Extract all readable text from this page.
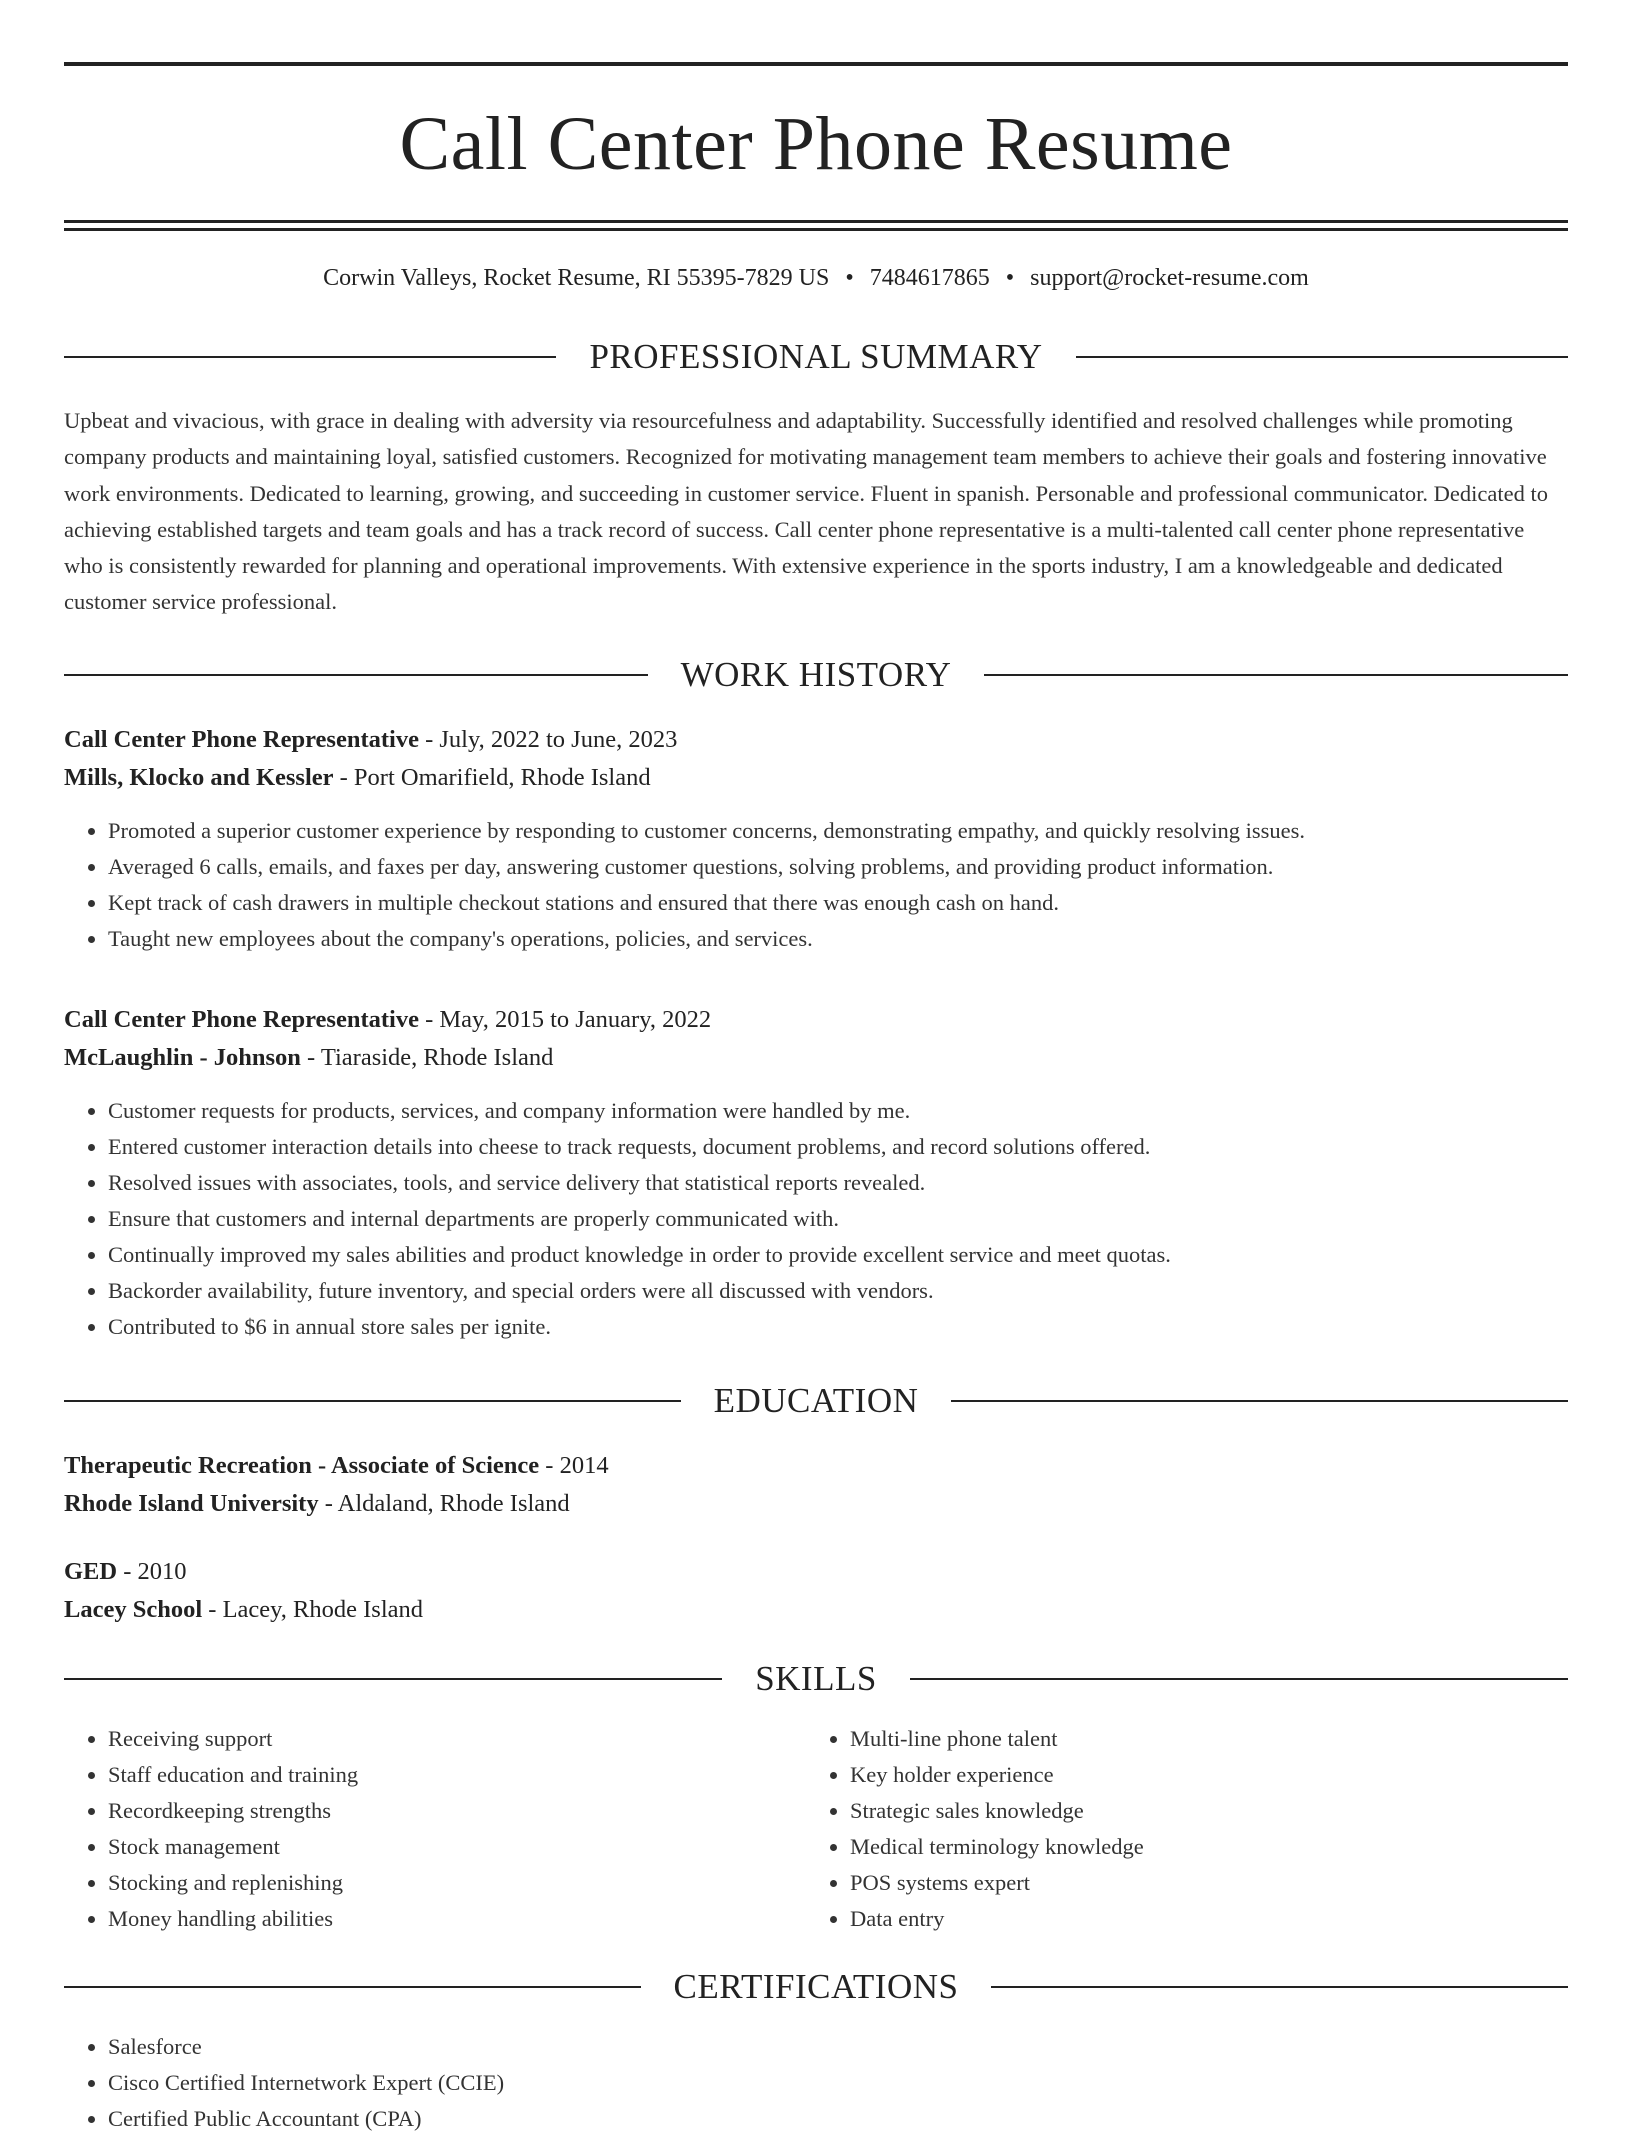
Call Center Phone Resume
Corwin Valleys, Rocket Resume, RI 55395-7829 US • 7484617865 • support@rocket-resume.com
PROFESSIONAL SUMMARY
Upbeat and vivacious, with grace in dealing with adversity via resourcefulness and adaptability. Successfully identified and resolved challenges while promoting company products and maintaining loyal, satisfied customers. Recognized for motivating management team members to achieve their goals and fostering innovative work environments. Dedicated to learning, growing, and succeeding in customer service. Fluent in spanish. Personable and professional communicator. Dedicated to achieving established targets and team goals and has a track record of success. Call center phone representative is a multi-talented call center phone representative who is consistently rewarded for planning and operational improvements. With extensive experience in the sports industry, I am a knowledgeable and dedicated customer service professional.
WORK HISTORY
Call Center Phone Representative - July, 2022 to June, 2023
Mills, Klocko and Kessler - Port Omarifield, Rhode Island
• Promoted a superior customer experience by responding to customer concerns, demonstrating empathy, and quickly resolving issues.
• Averaged 6 calls, emails, and faxes per day, answering customer questions, solving problems, and providing product information.
• Kept track of cash drawers in multiple checkout stations and ensured that there was enough cash on hand.
• Taught new employees about the company's operations, policies, and services.
Call Center Phone Representative - May, 2015 to January, 2022
McLaughlin - Johnson - Tiaraside, Rhode Island
• Customer requests for products, services, and company information were handled by me.
• Entered customer interaction details into cheese to track requests, document problems, and record solutions offered.
• Resolved issues with associates, tools, and service delivery that statistical reports revealed.
• Ensure that customers and internal departments are properly communicated with.
• Continually improved my sales abilities and product knowledge in order to provide excellent service and meet quotas.
• Backorder availability, future inventory, and special orders were all discussed with vendors.
• Contributed to $6 in annual store sales per ignite.
EDUCATION
Therapeutic Recreation - Associate of Science - 2014
Rhode Island University - Aldaland, Rhode Island
GED - 2010
Lacey School - Lacey, Rhode Island
SKILLS
• Receiving support
• Staff education and training
• Recordkeeping strengths
• Stock management
• Stocking and replenishing
• Money handling abilities
• Multi-line phone talent
• Key holder experience
• Strategic sales knowledge
• Medical terminology knowledge
• POS systems expert
• Data entry
CERTIFICATIONS
• Salesforce
• Cisco Certified Internetwork Expert (CCIE)
• Certified Public Accountant (CPA)
